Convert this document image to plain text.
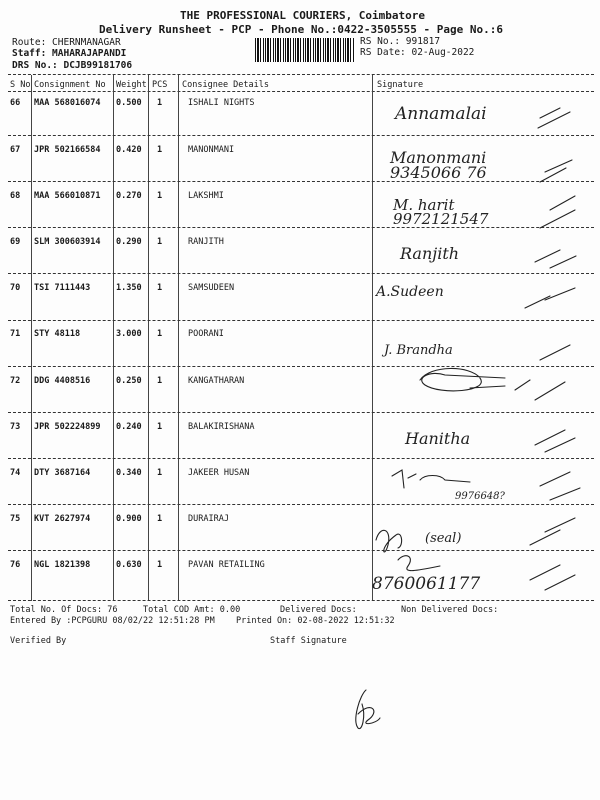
THE PROFESSIONAL COURIERS, Coimbatore
Delivery Runsheet - PCP - Phone No.:0422-3505555 - Page No.:6
Route: CHERNMANAGAR
Staff: MAHARAJAPANDI
DRS No.: DCJB99181706
RS No.: 991817
RS Date: 02-Aug-2022
S No Consignment No Weight PCS Consignee Details	Signature
66 MAA 568016074 0.500 1	ISHALI NIGHTS
Annamalai
67 JPR 502166584 0.420 1	MANONMANI	Manonmani 9345066 76
68 MAA 566010871 0.270 1	LAKSHMI	M. harit 9972121547
69 SLM 300603914 0.290 1	RANJITH
Ranjith
70 TSI 7111443	1.350 1	SAMSUDEEN	A.Sudeen
71 STY 48118	3.000 1	POORANI
J. Brandha
72 DDG 4408516	0.250 1	KANGATHARAN
73 JPR 502224899 0.240 1	BALAKIRISHANA
Hanitha
74 DTY 3687164	0.340 1	JAKEER HUSAN
9976648?
75 KVT 2627974	0.900 1	DURAIRAJ
(seal)
76 NGL 1821398	0.630 1	PAVAN RETAILING
8760061177
Total No. Of Docs: 76	Total COD Amt: 0.00	Delivered Docs:	Non Delivered Docs:
Entered By :PCPGURU 08/02/22 12:51:28 PM	Printed On: 02-08-2022 12:51:32
Verified By	Staff Signature
